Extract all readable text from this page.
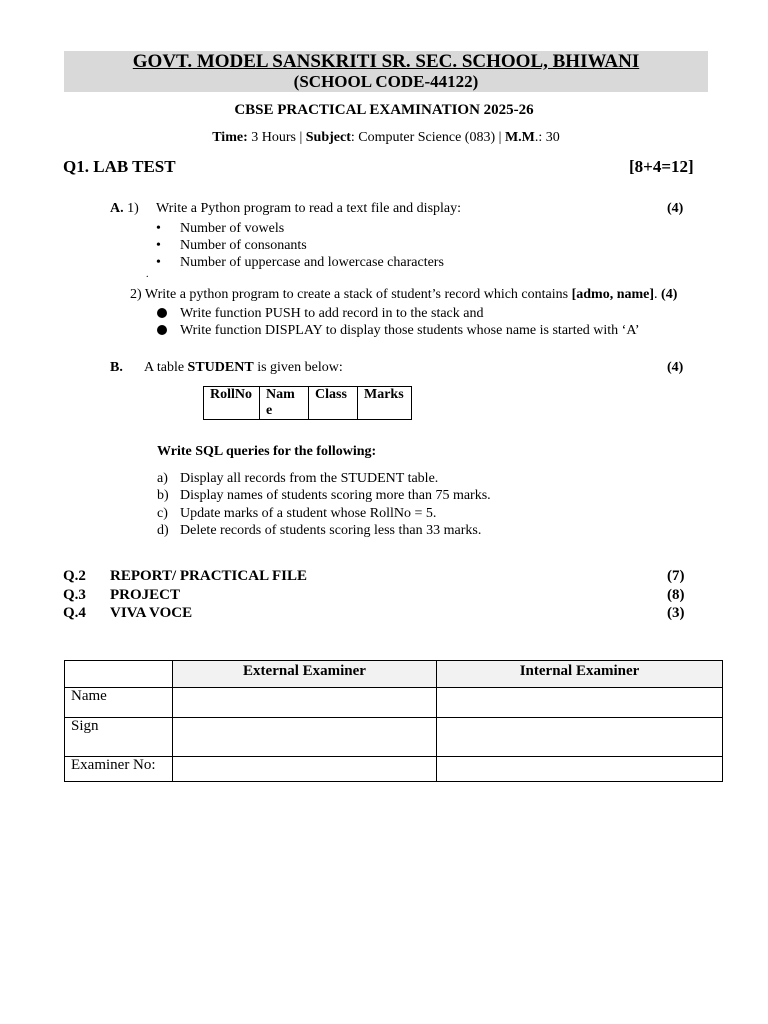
GOVT. MODEL SANSKRITI SR. SEC. SCHOOL, BHIWANI
(SCHOOL CODE-44122)
CBSE PRACTICAL EXAMINATION 2025-26
Time: 3 Hours | Subject: Computer Science (083) | M.M.: 30
Q1. LAB TEST	[8+4=12]
A. 1) Write a Python program to read a text file and display:	(4)
• Number of vowels
• Number of consonants
• Number of uppercase and lowercase characters
.
2) Write a python program to create a stack of student’s record which contains [admo, name]. (4)
Write function PUSH to add record in to the stack and
Write function DISPLAY to display those students whose name is started with ‘A’
B. A table STUDENT is given below:	(4)
RollNo	Nam e	Class	Marks
Write SQL queries for the following:
a) Display all records from the STUDENT table.
b) Display names of students scoring more than 75 marks.
c) Update marks of a student whose RollNo = 5.
d) Delete records of students scoring less than 33 marks.
Q.2 REPORT/ PRACTICAL FILE	(7)
Q.3 PROJECT	(8)
Q.4 VIVA VOCE	(3)
	External Examiner	Internal Examiner
Name		
Sign		
Examiner No:		
